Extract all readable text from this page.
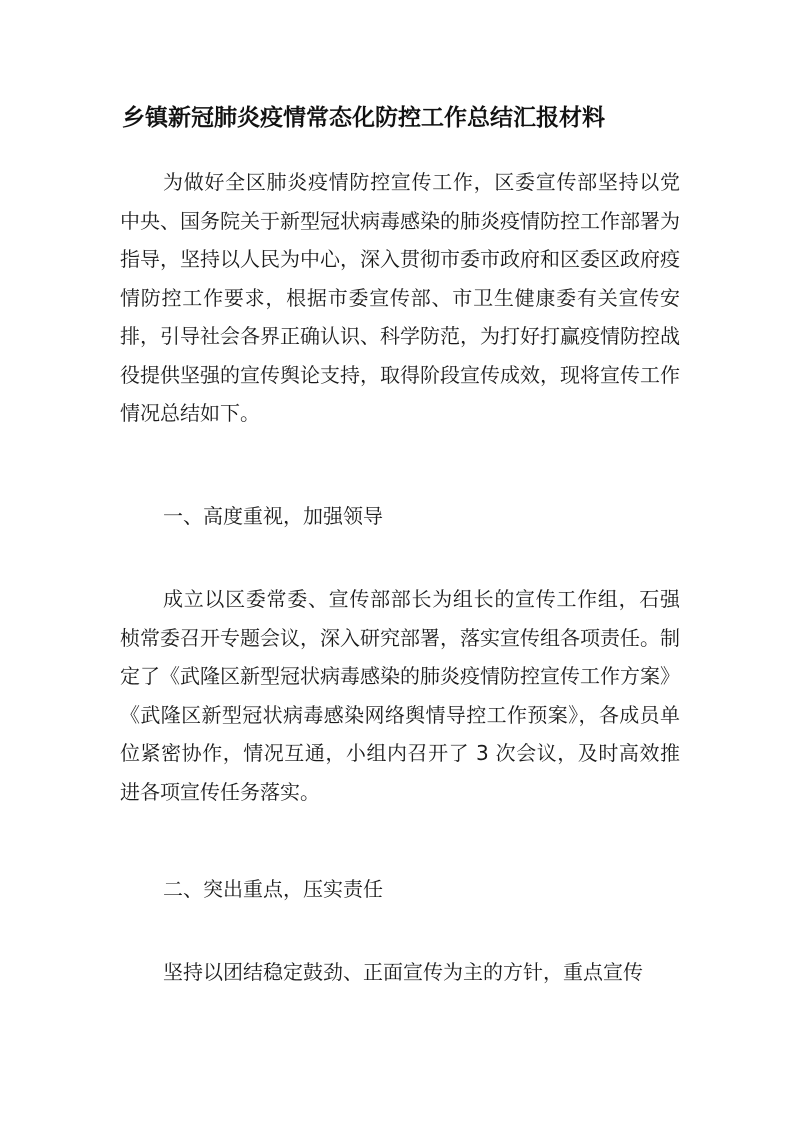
乡镇新冠肺炎疫情常态化防控工作总结汇报材料

为做好全区肺炎疫情防控宣传工作，区委宣传部坚持以党中央、国务院关于新型冠状病毒感染的肺炎疫情防控工作部署为指导，坚持以人民为中心，深入贯彻市委市政府和区委区政府疫情防控工作要求，根据市委宣传部、市卫生健康委有关宣传安排，引导社会各界正确认识、科学防范，为打好打赢疫情防控战役提供坚强的宣传舆论支持，取得阶段宣传成效，现将宣传工作情况总结如下。

一、高度重视，加强领导

成立以区委常委、宣传部部长为组长的宣传工作组，石强桢常委召开专题会议，深入研究部署，落实宣传组各项责任。制定了《武隆区新型冠状病毒感染的肺炎疫情防控宣传工作方案》《武隆区新型冠状病毒感染网络舆情导控工作预案》，各成员单位紧密协作，情况互通，小组内召开了 3 次会议，及时高效推进各项宣传任务落实。

二、突出重点，压实责任

坚持以团结稳定鼓劲、正面宣传为主的方针，重点宣传
